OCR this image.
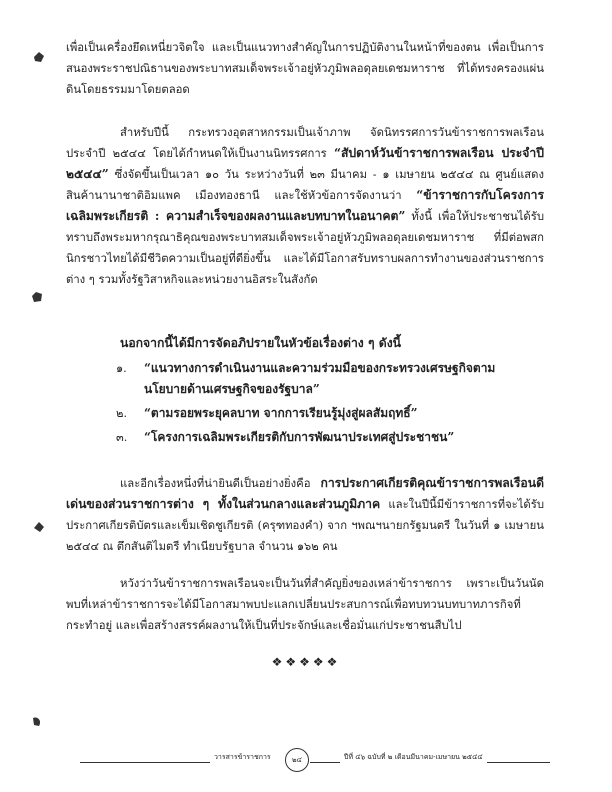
เพื่อเป็นเครื่องยึดเหนี่ยวจิตใจ และเป็นแนวทางสำคัญในการปฏิบัติงานในหน้าที่ของตน เพื่อเป็นการสนองพระราชปณิธานของพระบาทสมเด็จพระเจ้าอยู่หัวภูมิพลอดุลยเดชมหาราช ที่ได้ทรงครองแผ่นดินโดยธรรมมาโดยตลอด

สำหรับปีนี้ กระทรวงอุตสาหกรรมเป็นเจ้าภาพ จัดนิทรรศการวันข้าราชการพลเรือน ประจำปี ๒๕๔๔ โดยได้กำหนดให้เป็นงานนิทรรศการ “สัปดาห์วันข้าราชการพลเรือน ประจำปี ๒๕๔๔” ซึ่งจัดขึ้นเป็นเวลา ๑๐ วัน ระหว่างวันที่ ๒๓ มีนาคม - ๑ เมษายน ๒๕๔๔ ณ ศูนย์แสดงสินค้านานาชาติอิมแพค เมืองทองธานี และใช้หัวข้อการจัดงานว่า “ข้าราชการกับโครงการเฉลิมพระเกียรติ : ความสำเร็จของผลงานและบทบาทในอนาคต” ทั้งนี้ เพื่อให้ประชาชนได้รับทราบถึงพระมหากรุณาธิคุณของพระบาทสมเด็จพระเจ้าอยู่หัวภูมิพลอดุลยเดชมหาราช ที่มีต่อพสกนิกรชาวไทยได้มีชีวิตความเป็นอยู่ที่ดียิ่งขึ้น และได้มีโอกาสรับทราบผลการทำงานของส่วนราชการต่าง ๆ รวมทั้งรัฐวิสาหกิจและหน่วยงานอิสระในสังกัด

นอกจากนี้ได้มีการจัดอภิปรายในหัวข้อเรื่องต่าง ๆ ดังนี้

๑. “แนวทางการดำเนินงานและความร่วมมือของกระทรวงเศรษฐกิจตามนโยบายด้านเศรษฐกิจของรัฐบาล”
๒. “ตามรอยพระยุคลบาท จากการเรียนรู้มุ่งสู่ผลสัมฤทธิ์”
๓. “โครงการเฉลิมพระเกียรติกับการพัฒนาประเทศสู่ประชาชน”

และอีกเรื่องหนึ่งที่น่ายินดีเป็นอย่างยิ่งคือ การประกาศเกียรติคุณข้าราชการพลเรือนดีเด่นของส่วนราชการต่าง ๆ ทั้งในส่วนกลางและส่วนภูมิภาค และในปีนี้มีข้าราชการที่จะได้รับประกาศเกียรติบัตรและเข็มเชิดชูเกียรติ (ครุฑทองคำ) จาก ฯพณฯนายกรัฐมนตรี ในวันที่ ๑ เมษายน ๒๕๔๔ ณ ตึกสันติไมตรี ทำเนียบรัฐบาล จำนวน ๑๖๒ คน

หวังว่าวันข้าราชการพลเรือนจะเป็นวันที่สำคัญยิ่งของเหล่าข้าราชการ เพราะเป็นวันนัดพบที่เหล่าข้าราชการจะได้มีโอกาสมาพบปะแลกเปลี่ยนประสบการณ์เพื่อทบทวนบทบาทภารกิจที่กระทำอยู่ และเพื่อสร้างสรรค์ผลงานให้เป็นที่ประจักษ์และเชื่อมั่นแก่ประชาชนสืบไป

❖❖❖❖❖
วารสารข้าราชการ	๒๔	ปีที่ ๔๖ ฉบับที่ ๒ เดือนมีนาคม-เมษายน ๒๕๔๔
